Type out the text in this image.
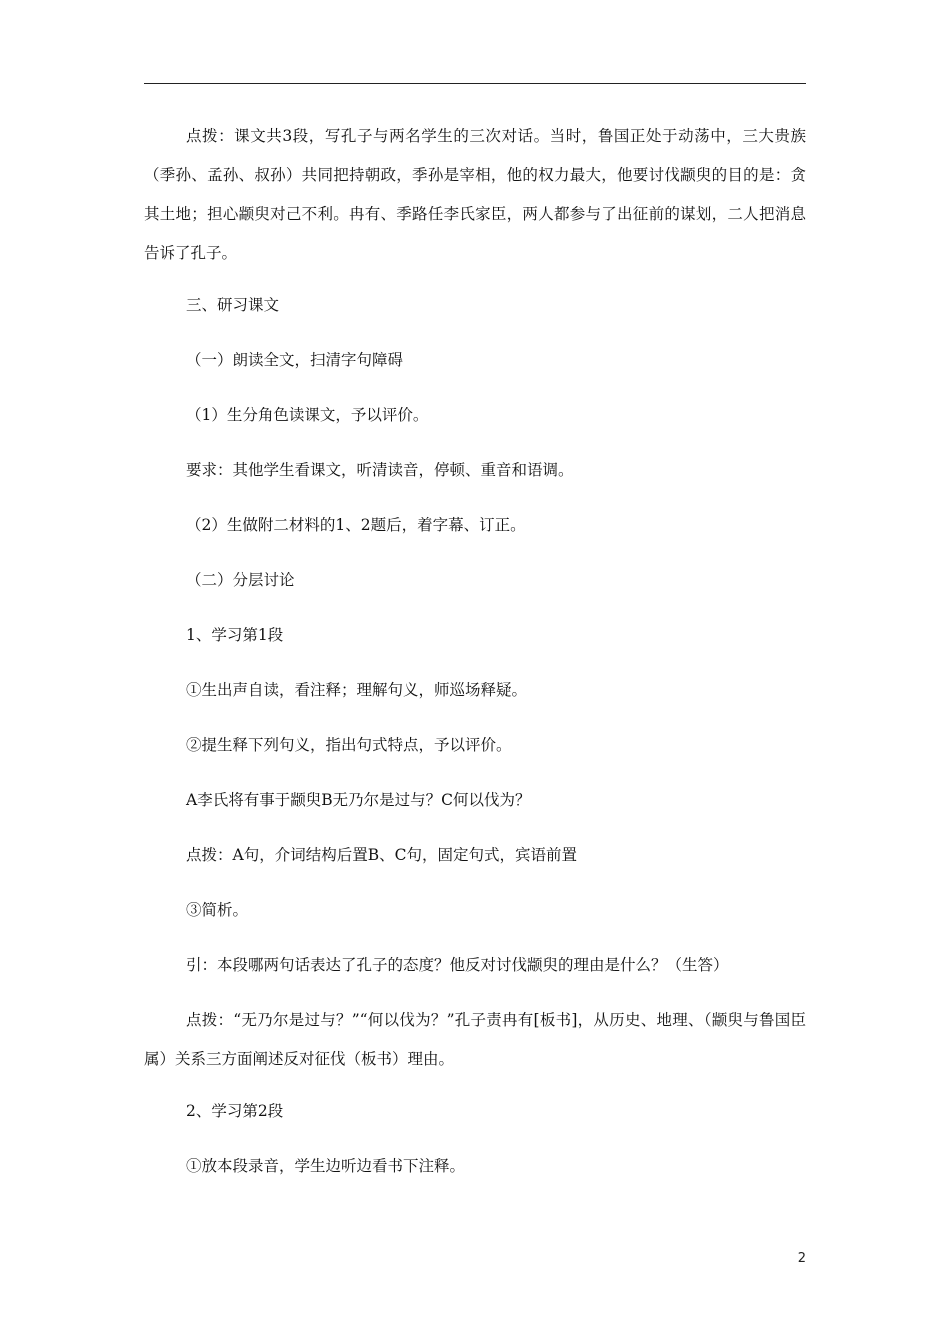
点拨：课文共3段，写孔子与两名学生的三次对话。当时，鲁国正处于动荡中，三大贵族（季孙、孟孙、叔孙）共同把持朝政，季孙是宰相，他的权力最大，他要讨伐颛臾的目的是：贪其土地；担心颛臾对己不利。冉有、季路任李氏家臣，两人都参与了出征前的谋划，二人把消息告诉了孔子。

三、研习课文

（一）朗读全文，扫清字句障碍

（1）生分角色读课文，予以评价。

要求：其他学生看课文，听清读音，停顿、重音和语调。

（2）生做附二材料的1、2题后，着字幕、订正。

（二）分层讨论

1、学习第1段

①生出声自读，看注释；理解句义，师巡场释疑。

②提生释下列句义，指出句式特点，予以评价。

A李氏将有事于颛臾B无乃尔是过与？C何以伐为？

点拨：A句，介词结构后置B、C句，固定句式，宾语前置

③简析。

引：本段哪两句话表达了孔子的态度？他反对讨伐颛臾的理由是什么？（生答）

点拨：“无乃尔是过与？”“何以伐为？”孔子责冉有[板书]，从历史、地理、（颛臾与鲁国臣属）关系三方面阐述反对征伐（板书）理由。

2、学习第2段

①放本段录音，学生边听边看书下注释。

2
